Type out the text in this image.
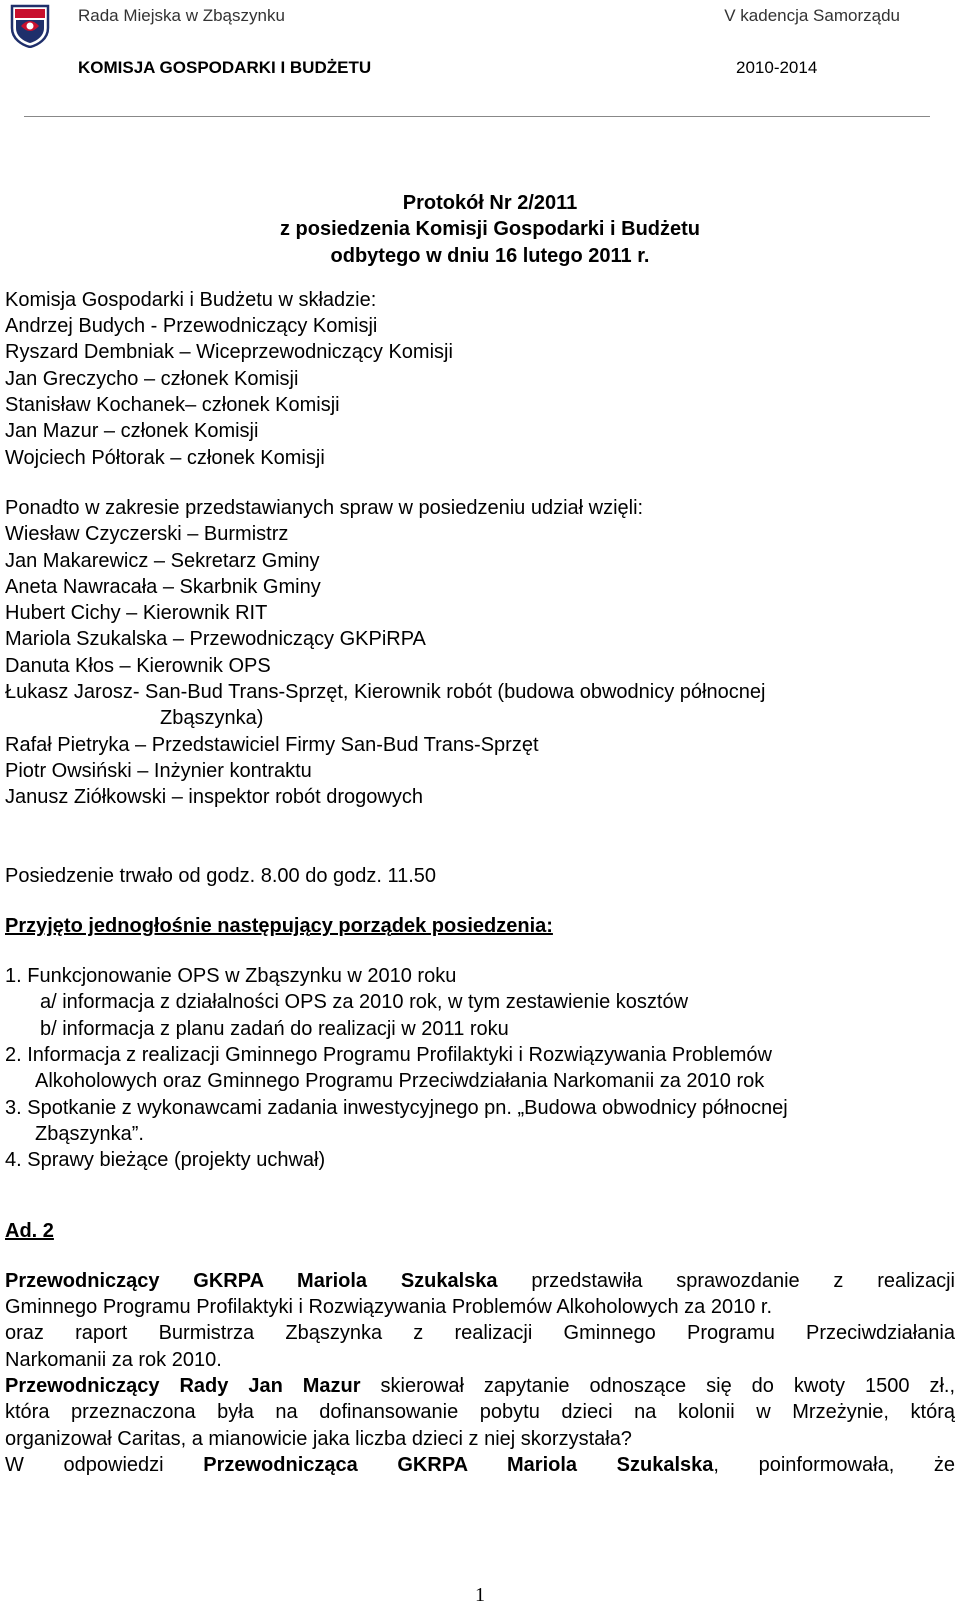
Rada Miejska w Zbąszynku	V kadencja Samorządu
KOMISJA GOSPODARKI I BUDŻETU	2010-2014
Protokół Nr 2/2011
z posiedzenia Komisji Gospodarki i Budżetu
odbytego w dniu 16 lutego 2011 r.
Komisja Gospodarki i Budżetu w składzie:
Andrzej Budych - Przewodniczący Komisji
Ryszard Dembniak – Wiceprzewodniczący Komisji
Jan Greczycho – członek Komisji
Stanisław Kochanek– członek Komisji
Jan Mazur – członek Komisji
Wojciech Półtorak – członek Komisji
Ponadto w zakresie przedstawianych spraw w posiedzeniu udział wzięli:
Wiesław Czyczerski – Burmistrz
Jan Makarewicz – Sekretarz Gminy
Aneta Nawracała – Skarbnik Gminy
Hubert Cichy – Kierownik RIT
Mariola Szukalska – Przewodniczący GKPiRPA
Danuta Kłos – Kierownik OPS
Łukasz Jarosz- San-Bud Trans-Sprzęt, Kierownik robót (budowa obwodnicy północnej
Zbąszynka)
Rafał Pietryka – Przedstawiciel Firmy San-Bud Trans-Sprzęt
Piotr Owsiński – Inżynier kontraktu
Janusz Ziółkowski – inspektor robót drogowych
Posiedzenie trwało od godz. 8.00 do godz. 11.50
Przyjęto jednogłośnie następujący porządek posiedzenia:
1. Funkcjonowanie OPS w Zbąszynku w 2010 roku
a/ informacja z działalności OPS za 2010 rok, w tym zestawienie kosztów
b/ informacja z planu zadań do realizacji w 2011 roku
2. Informacja z realizacji Gminnego Programu Profilaktyki i Rozwiązywania Problemów
Alkoholowych oraz Gminnego Programu Przeciwdziałania Narkomanii za 2010 rok
3. Spotkanie z wykonawcami zadania inwestycyjnego pn. „Budowa obwodnicy północnej
Zbąszynka”.
4. Sprawy bieżące (projekty uchwał)
Ad. 2
Przewodniczący GKRPA Mariola Szukalska przedstawiła sprawozdanie z realizacji
Gminnego Programu Profilaktyki i Rozwiązywania Problemów Alkoholowych za 2010 r.
oraz raport Burmistrza Zbąszynka z realizacji Gminnego Programu Przeciwdziałania
Narkomanii za rok 2010.
Przewodniczący Rady Jan Mazur skierował zapytanie odnoszące się do kwoty 1500 zł.,
która przeznaczona była na dofinansowanie pobytu dzieci na kolonii w Mrzeżynie, którą
organizował Caritas, a mianowicie jaka liczba dzieci z niej skorzystała?
W odpowiedzi Przewodnicząca GKRPA Mariola Szukalska, poinformowała, że
1
